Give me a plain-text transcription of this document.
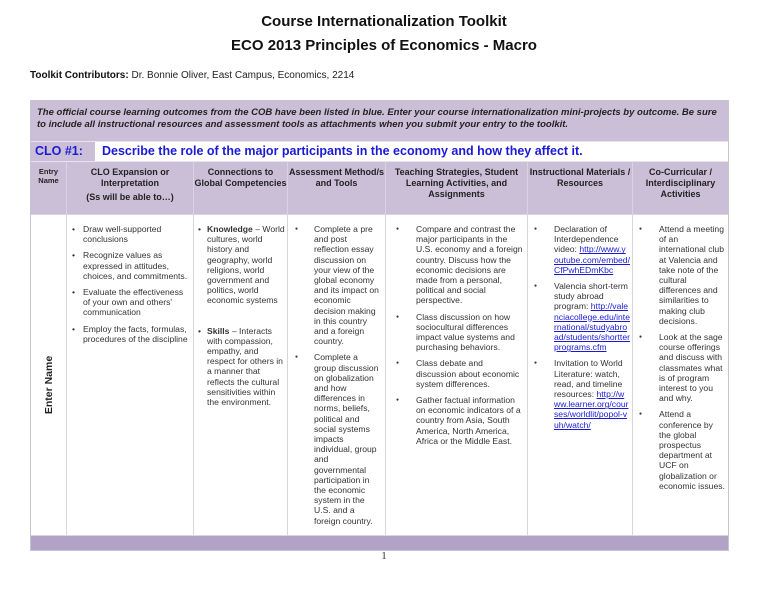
Course Internationalization Toolkit
ECO 2013 Principles of Economics - Macro
Toolkit Contributors: Dr. Bonnie Oliver, East Campus, Economics, 2214
The official course learning outcomes from the COB have been listed in blue. Enter your course internationalization mini-projects by outcome. Be sure to include all instructional resources and assessment tools as attachments when you submit your entry to the toolkit.
CLO #1:	Describe the role of the major participants in the economy and how they affect it.
Entry Name
CLO Expansion or Interpretation
(Ss will be able to…)
Connections to Global Competencies
Assessment Method/s and Tools
Teaching Strategies, Student Learning Activities, and Assignments
Instructional Materials / Resources
Co-Curricular / Interdisciplinary Activities
Enter Name
• Draw well-supported conclusions
• Recognize values as expressed in attitudes, choices, and commitments.
• Evaluate the effectiveness of your own and others' communication
• Employ the facts, formulas, procedures of the discipline
• Knowledge – World cultures, world history and geography, world religions, world government and politics, world economic systems
• Skills – Interacts with compassion, empathy, and respect for others in a manner that reflects the cultural sensitivities within the environment.
● Complete a pre and post reflection essay discussion on your view of the global economy and its impact on economic decision making in this country and a foreign country.
● Complete a group discussion on globalization and how differences in norms, beliefs, political and social systems impacts individual, group and governmental participation in the economic system in the U.S. and a foreign country.
● Compare and contrast the major participants in the U.S. economy and a foreign country. Discuss how the economic decisions are made from a personal, political and social perspective.
● Class discussion on how sociocultural differences impact value systems and purchasing behaviors.
● Class debate and discussion about economic system differences.
● Gather factual information on economic indicators of a country from Asia, South America, North America, Africa or the Middle East.
● Declaration of Interdependence video: http://www.youtube.com/embed/CfPwhEDmKbc
● Valencia short-term study abroad program: http://valenciacollege.edu/international/studyabroad/students/shortterprograms.cfm
● Invitation to World Literature: watch, read, and timeline resources: http://www.learner.org/courses/worldlit/popol-vuh/watch/
● Attend a meeting of an international club at Valencia and take note of the cultural differences and similarities to making club decisions.
● Look at the sage course offerings and discuss with classmates what is of program interest to you and why.
● Attend a conference by the global prospectus department at UCF on globalization or economic issues.
1
